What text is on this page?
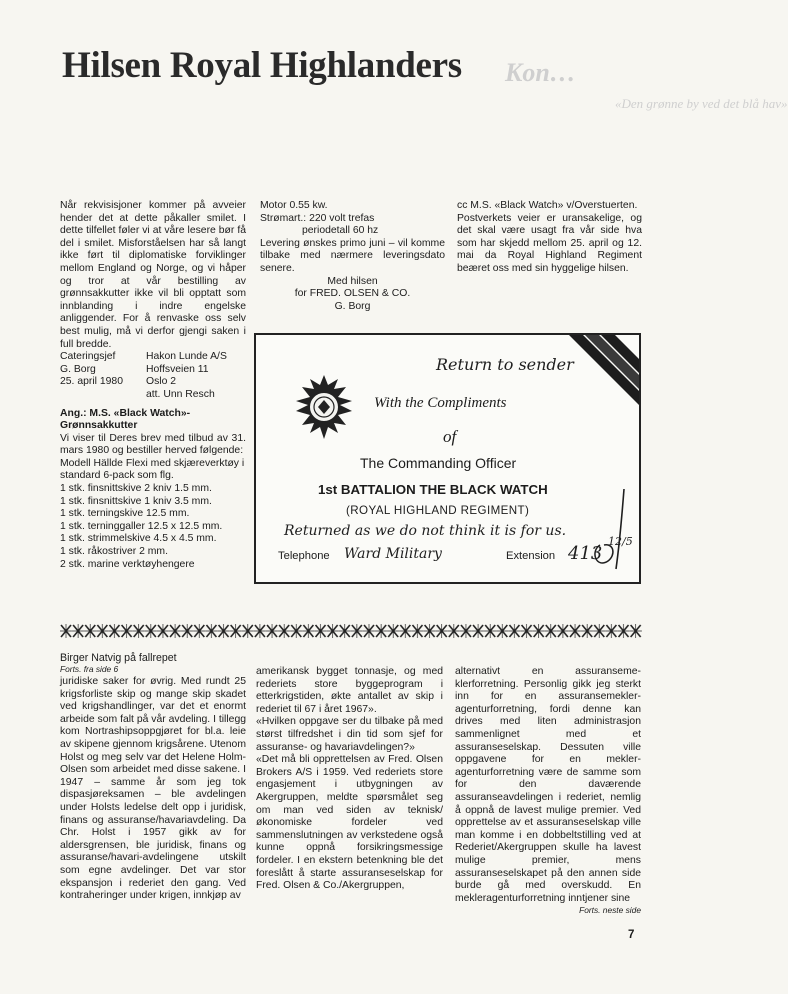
Kon…
«Den grønne by ved det blå hav»
Hilsen Royal Highlanders

Når rekvisisjoner kommer på avveier hender det at dette påkaller smilet. I dette tilfellet føler vi at våre lesere bør få del i smilet. Misforståelsen har så langt ikke ført til diplomatiske forviklinger mellom England og Norge, og vi håper og tror at vår bestilling av grønnsakkutter ikke vil bli opptatt som innblanding i indre engelske anliggender. For å renvaske oss selv best mulig, må vi derfor gjengi saken i full bredde.

Cateringsjef	Hakon Lunde A/S
G. Borg	Hoffsveien 11
25. april 1980	Oslo 2
att. Unn Resch

Ang.: M.S. «Black Watch»-Grønnsakkutter

Vi viser til Deres brev med tilbud av 31. mars 1980 og bestiller herved følgende:

Modell Hällde Flexi med skjæreverktøy i standard 6-pack som flg.

1 stk. finsnittskive 2 kniv 1.5 mm.

1 stk. finsnittskive 1 kniv 3.5 mm.

1 stk. terningskive 12.5 mm.

1 stk. terninggaller 12.5 x 12.5 mm.

1 stk. strimmelskive 4.5 x 4.5 mm.

1 stk. råkostriver 2 mm.

2 stk. marine verktøyhengere

Motor 0.55 kw.

Strømart.: 220 volt trefas

periodetall 60 hz

Levering ønskes primo juni – vil komme tilbake med nærmere leveringsdato senere.

Med hilsen

for FRED. OLSEN & CO.

G. Borg

cc M.S. «Black Watch» v/Overstuerten.

Postverkets veier er uransakelige, og det skal være usagt fra vår side hva som har skjedd mellom 25. april og 12. mai da Royal Highland Regiment beæret oss med sin hyggelige hilsen.

Return to sender
With the Compliments
of
The Commanding Officer
1st BATTALION THE BLACK WATCH
(ROYAL HIGHLAND REGIMENT)
Returned as we do not think it is for us.
Telephone Ward Military	Extension 413
12/5
Birger Natvig på fallrepet
Forts. fra side 6

juridiske saker for øvrig. Med rundt 25 krigsforliste skip og mange skip skadet ved krigshandlinger, var det et enormt arbeide som falt på vår avdeling. I tillegg kom Nortrashipsoppgjøret for bl.a. leie av skipene gjennom krigsårene. Utenom Holst og meg selv var det Helene Holm-Olsen som arbeidet med disse sakene. I 1947 – samme år som jeg tok dispasjøreksamen – ble avdelingen under Holsts ledelse delt opp i juridisk, finans og assuranse/havariavdeling. Da Chr. Holst i 1957 gikk av for aldersgrensen, ble juridisk, finans og assuranse/havari-avdelingene utskilt som egne avdelinger. Det var stor ekspansjon i rederiet den gang. Ved kontraheringer under krigen, innkjøp av

amerikansk bygget tonnasje, og med rederiets store byggeprogram i etterkrigstiden, økte antallet av skip i rederiet til 67 i året 1967».
«Hvilken oppgave ser du tilbake på med størst tilfredshet i din tid som sjef for assuranse- og havariavdelingen?»
«Det må bli opprettelsen av Fred. Olsen Brokers A/S i 1959. Ved rederiets store engasjement i utbygningen av Akergruppen, meldte spørsmålet seg om man ved siden av teknisk/økonomiske fordeler ved sammenslutningen av verkstedene også kunne oppnå forsikringsmessige fordeler. I en ekstern betenkning ble det foreslått å starte assuranseselskap for Fred. Olsen & Co./Akergruppen,

alternativt en assuransemeklerforretning. Personlig gikk jeg sterkt inn for en assuransemekler-agenturforretning, fordi denne kan drives med liten administrasjon sammenlignet med et assuranseselskap. Dessuten ville oppgavene for en mekler-agenturforretning være de samme som for den daværende assuranseavdelingen i rederiet, nemlig å oppnå de lavest mulige premier. Ved opprettelse av et assuranseselskap ville man komme i en dobbeltstilling ved at Rederiet/Akergruppen skulle ha lavest mulige premier, mens assuranseselskapet på den annen side burde gå med overskudd. En mekleragenturforretning inntjener sine

Forts. neste side

7
